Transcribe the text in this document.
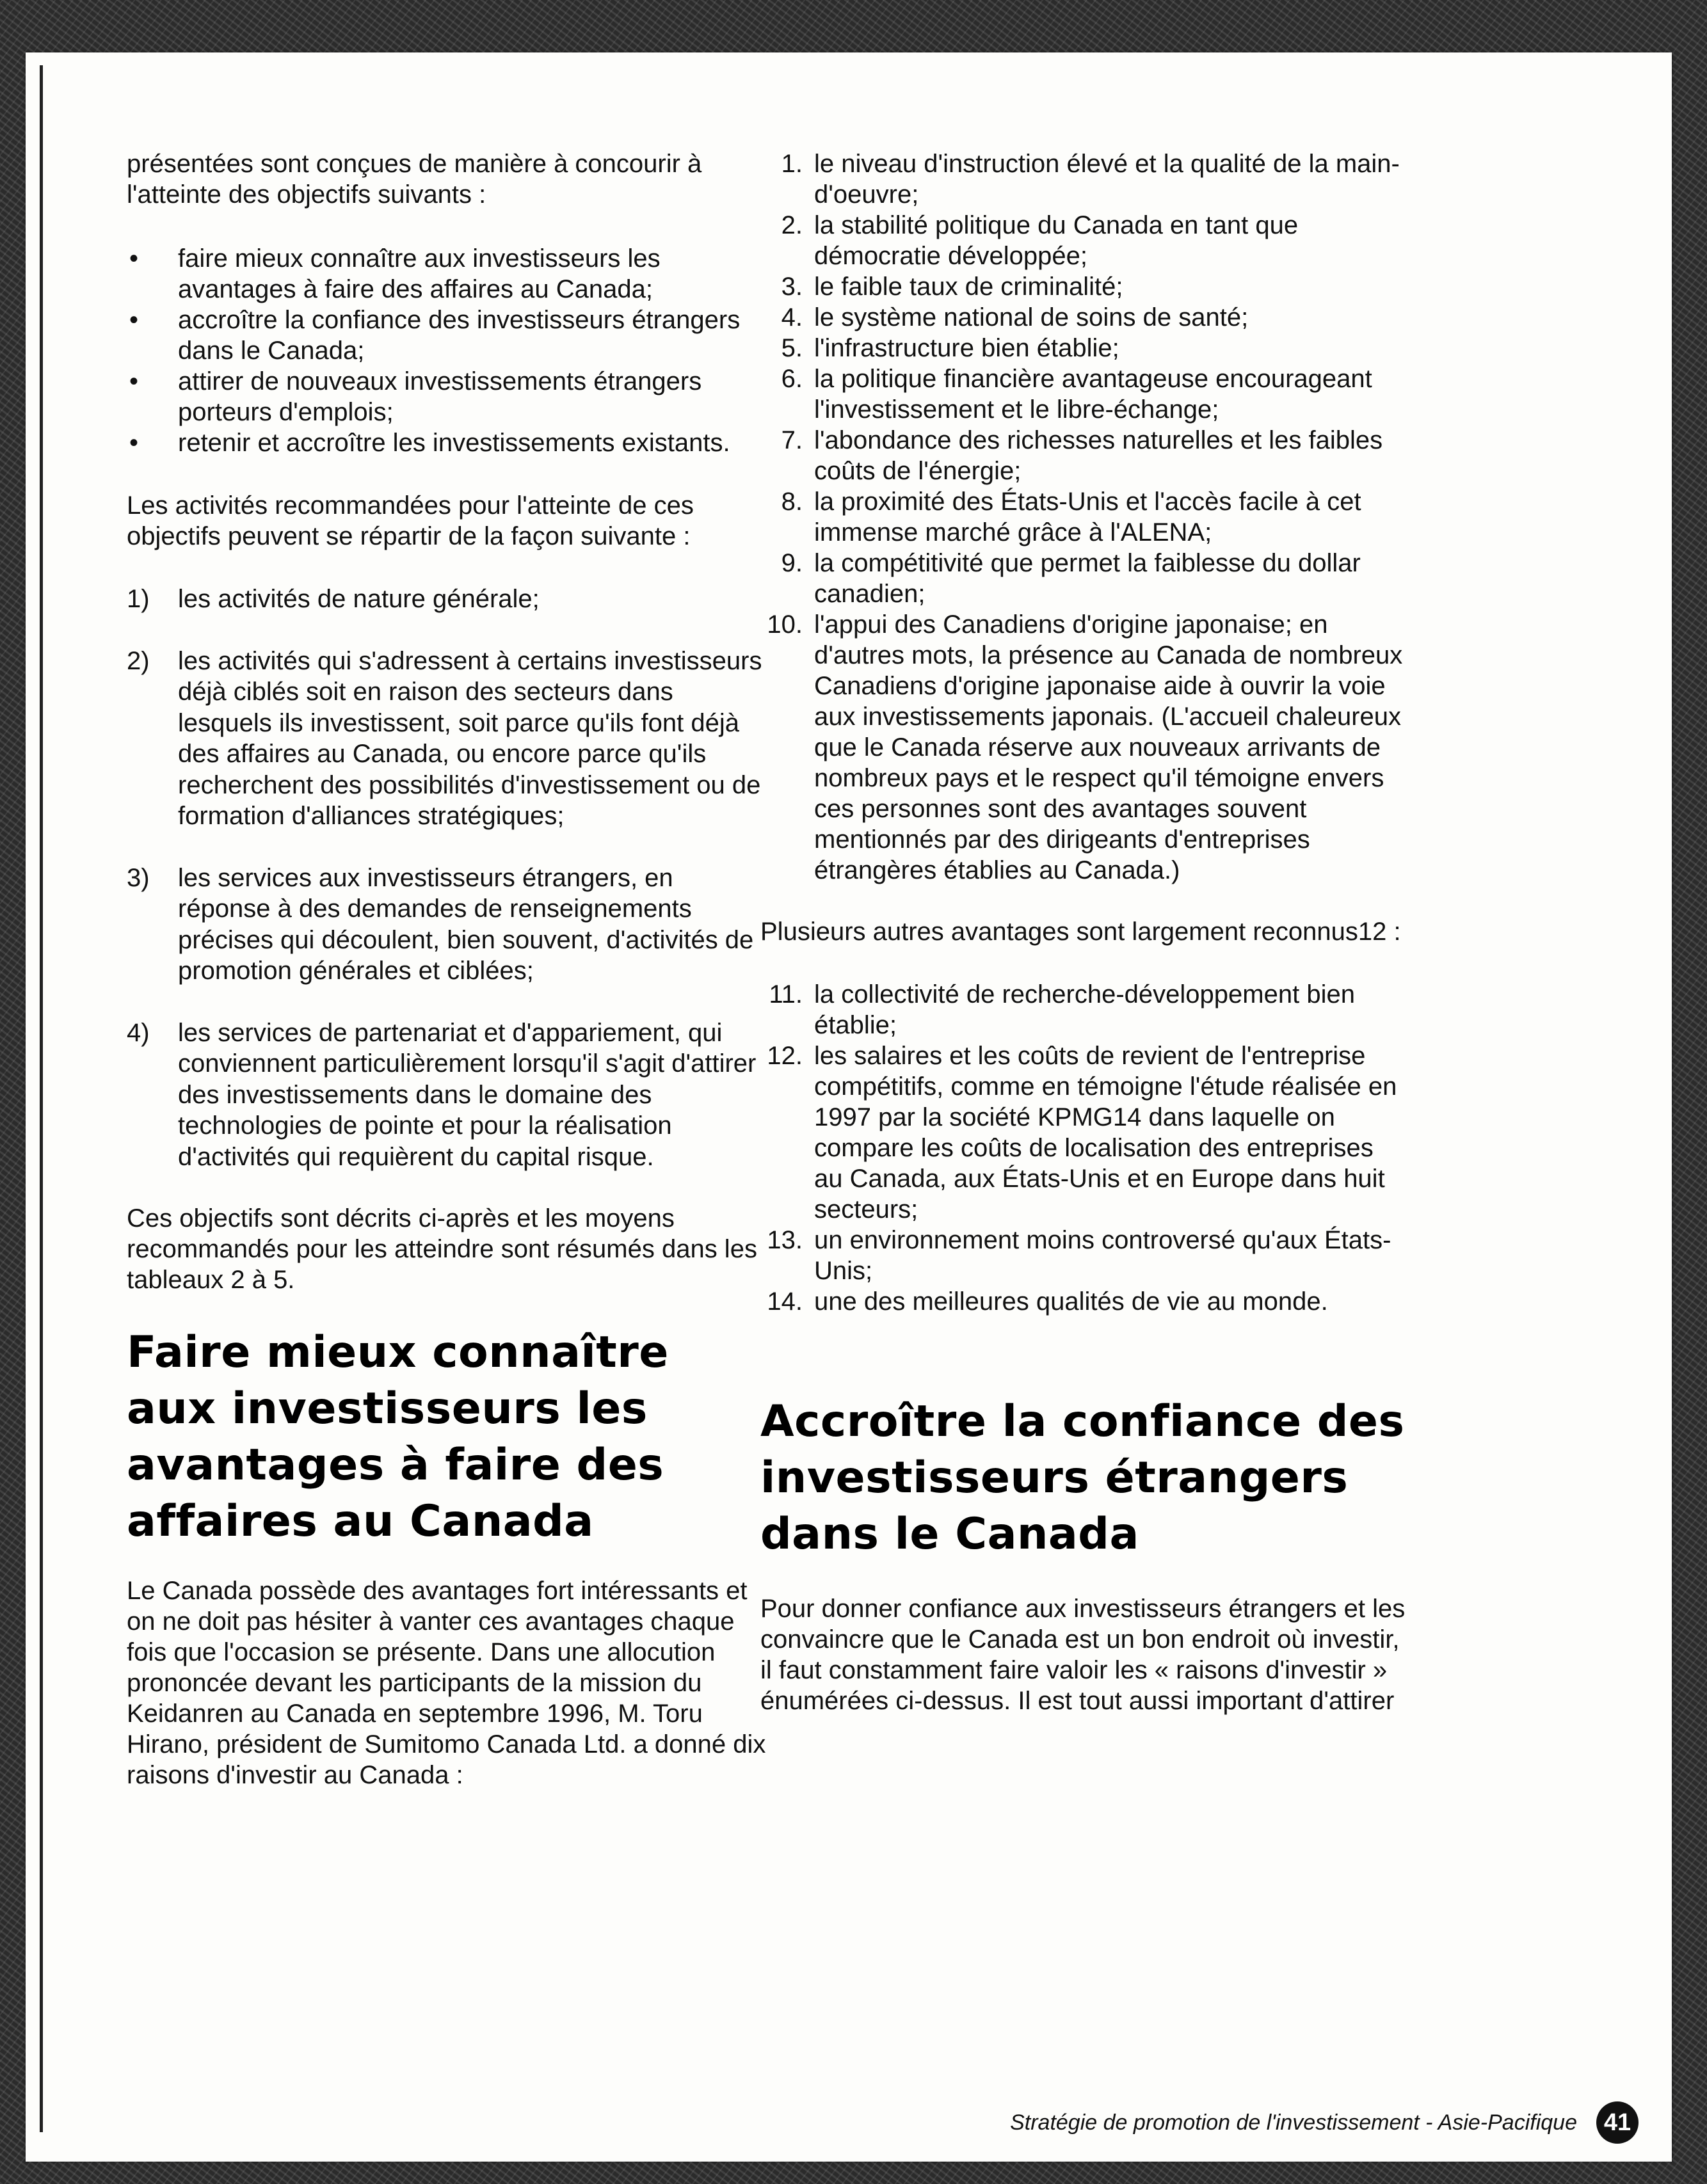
présentées sont conçues de manière à concourir à l'atteinte des objectifs suivants :

• faire mieux connaître aux investisseurs les avantages à faire des affaires au Canada;
• accroître la confiance des investisseurs étrangers dans le Canada;
• attirer de nouveaux investissements étrangers porteurs d'emplois;
• retenir et accroître les investissements existants.

Les activités recommandées pour l'atteinte de ces objectifs peuvent se répartir de la façon suivante :

1) les activités de nature générale;
2) les activités qui s'adressent à certains investisseurs déjà ciblés soit en raison des secteurs dans lesquels ils investissent, soit parce qu'ils font déjà des affaires au Canada, ou encore parce qu'ils recherchent des possibilités d'investissement ou de formation d'alliances stratégiques;
3) les services aux investisseurs étrangers, en réponse à des demandes de renseignements précises qui découlent, bien souvent, d'activités de promotion générales et ciblées;
4) les services de partenariat et d'appariement, qui conviennent particulièrement lorsqu'il s'agit d'attirer des investissements dans le domaine des technologies de pointe et pour la réalisation d'activités qui requièrent du capital risque.

Ces objectifs sont décrits ci-après et les moyens recommandés pour les atteindre sont résumés dans les tableaux 2 à 5.

Faire mieux connaître aux investisseurs les avantages à faire des affaires au Canada

Le Canada possède des avantages fort intéressants et on ne doit pas hésiter à vanter ces avantages chaque fois que l'occasion se présente. Dans une allocution prononcée devant les participants de la mission du Keidanren au Canada en septembre 1996, M. Toru Hirano, président de Sumitomo Canada Ltd. a donné dix raisons d'investir au Canada :

1. le niveau d'instruction élevé et la qualité de la main-d'oeuvre;
2. la stabilité politique du Canada en tant que démocratie développée;
3. le faible taux de criminalité;
4. le système national de soins de santé;
5. l'infrastructure bien établie;
6. la politique financière avantageuse encourageant l'investissement et le libre-échange;
7. l'abondance des richesses naturelles et les faibles coûts de l'énergie;
8. la proximité des États-Unis et l'accès facile à cet immense marché grâce à l'ALENA;
9. la compétitivité que permet la faiblesse du dollar canadien;
10. l'appui des Canadiens d'origine japonaise; en d'autres mots, la présence au Canada de nombreux Canadiens d'origine japonaise aide à ouvrir la voie aux investissements japonais. (L'accueil chaleureux que le Canada réserve aux nouveaux arrivants de nombreux pays et le respect qu'il témoigne envers ces personnes sont des avantages souvent mentionnés par des dirigeants d'entreprises étrangères établies au Canada.)

Plusieurs autres avantages sont largement reconnus12 :

11. la collectivité de recherche-développement bien établie;
12. les salaires et les coûts de revient de l'entreprise compétitifs, comme en témoigne l'étude réalisée en 1997 par la société KPMG14 dans laquelle on compare les coûts de localisation des entreprises au Canada, aux États-Unis et en Europe dans huit secteurs;
13. un environnement moins controversé qu'aux États-Unis;
14. une des meilleures qualités de vie au monde.
Accroître la confiance des investisseurs étrangers dans le Canada

Pour donner confiance aux investisseurs étrangers et les convaincre que le Canada est un bon endroit où investir, il faut constamment faire valoir les « raisons d'investir » énumérées ci-dessus. Il est tout aussi important d'attirer

Stratégie de promotion de l'investissement - Asie-Pacifique	41
